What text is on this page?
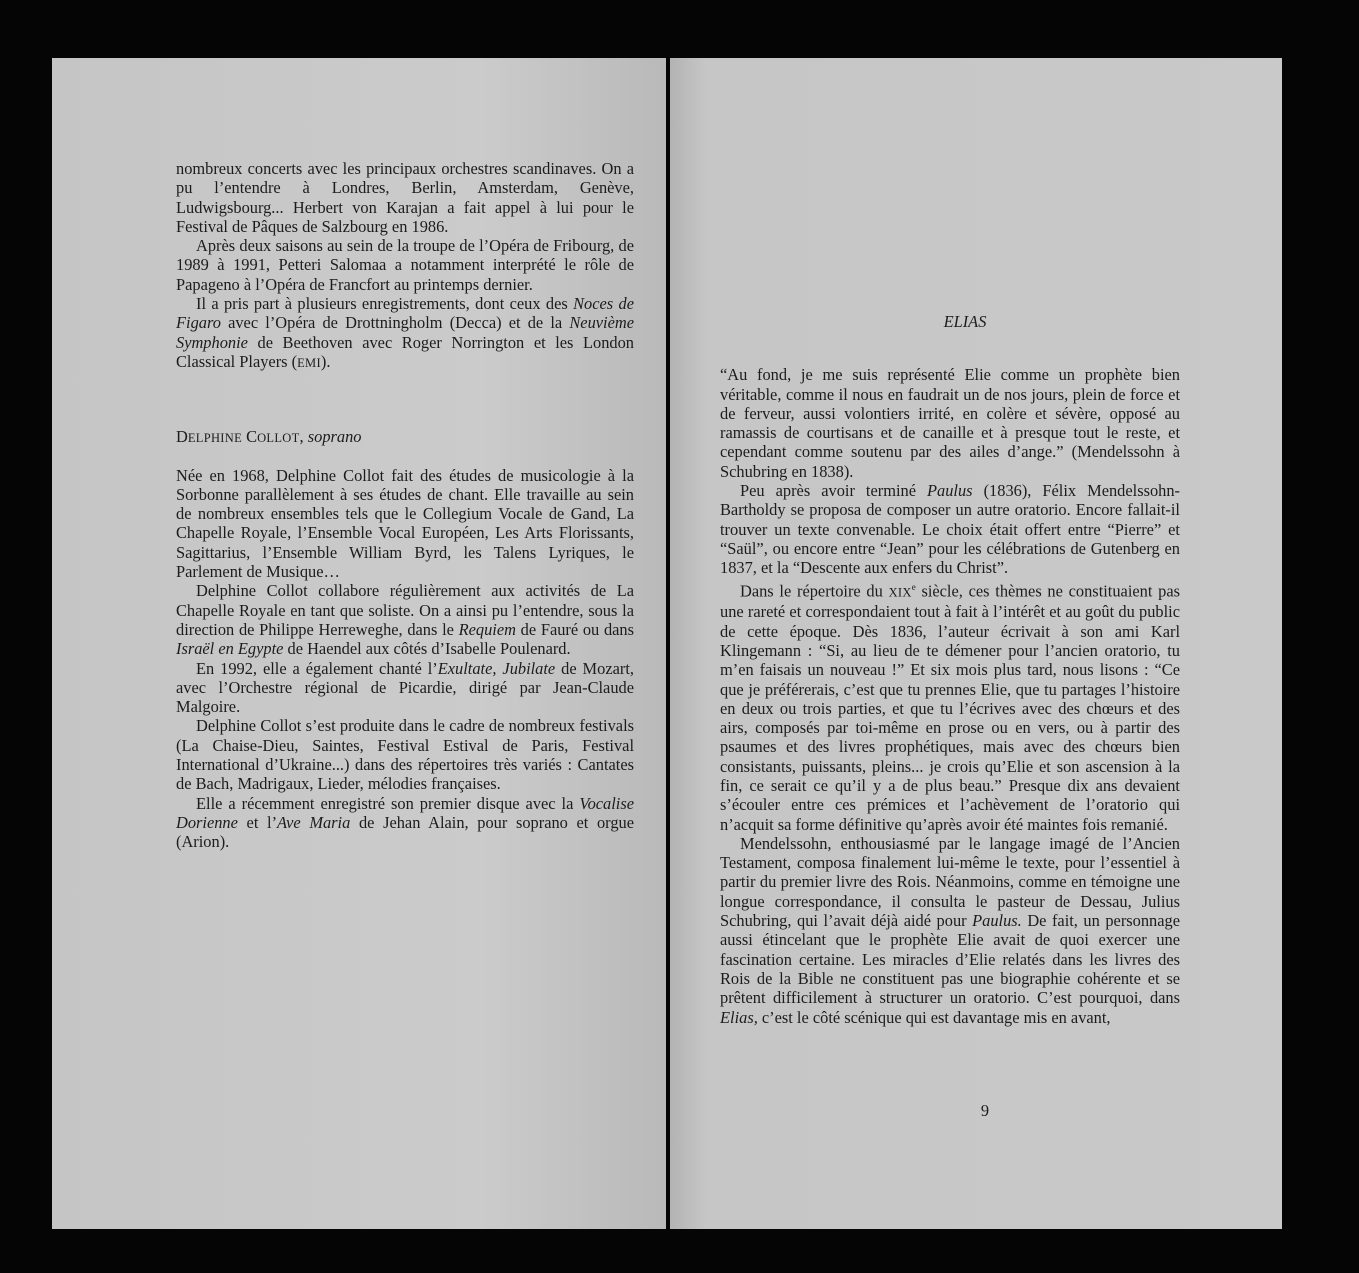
nombreux concerts avec les principaux orchestres scandinaves. On a pu l’entendre à Londres, Berlin, Amsterdam, Genève, Ludwigsbourg... Herbert von Karajan a fait appel à lui pour le Festival de Pâques de Salzbourg en 1986.

Après deux saisons au sein de la troupe de l’Opéra de Fribourg, de 1989 à 1991, Petteri Salomaa a notamment interprété le rôle de Papageno à l’Opéra de Francfort au printemps dernier.

Il a pris part à plusieurs enregistrements, dont ceux des Noces de Figaro avec l’Opéra de Drottningholm (Decca) et de la Neuvième Symphonie de Beethoven avec Roger Norrington et les London Classical Players (EMI).

DELPHINE COLLOT, soprano

Née en 1968, Delphine Collot fait des études de musicologie à la Sorbonne parallèlement à ses études de chant. Elle travaille au sein de nombreux ensembles tels que le Collegium Vocale de Gand, La Chapelle Royale, l’Ensemble Vocal Européen, Les Arts Florissants, Sagittarius, l’Ensemble William Byrd, les Talens Lyriques, le Parlement de Musique…

Delphine Collot collabore régulièrement aux activités de La Chapelle Royale en tant que soliste. On a ainsi pu l’entendre, sous la direction de Philippe Herreweghe, dans le Requiem de Fauré ou dans Israël en Egypte de Haendel aux côtés d’Isabelle Poulenard.

En 1992, elle a également chanté l’Exultate, Jubilate de Mozart, avec l’Orchestre régional de Picardie, dirigé par Jean-Claude Malgoire.

Delphine Collot s’est produite dans le cadre de nombreux festivals (La Chaise-Dieu, Saintes, Festival Estival de Paris, Festival International d’Ukraine...) dans des répertoires très variés : Cantates de Bach, Madrigaux, Lieder, mélodies françaises.

Elle a récemment enregistré son premier disque avec la Vocalise Dorienne et l’Ave Maria de Jehan Alain, pour soprano et orgue (Arion).

ELIAS

“Au fond, je me suis représenté Elie comme un prophète bien véritable, comme il nous en faudrait un de nos jours, plein de force et de ferveur, aussi volontiers irrité, en colère et sévère, opposé au ramassis de courtisans et de canaille et à presque tout le reste, et cependant comme soutenu par des ailes d’ange.” (Mendelssohn à Schubring en 1838).

Peu après avoir terminé Paulus (1836), Félix Mendelssohn-Bartholdy se proposa de composer un autre oratorio. Encore fallait-il trouver un texte convenable. Le choix était offert entre “Pierre” et “Saül”, ou encore entre “Jean” pour les célébrations de Gutenberg en 1837, et la “Descente aux enfers du Christ”.

Dans le répertoire du XIXe siècle, ces thèmes ne constituaient pas une rareté et correspondaient tout à fait à l’intérêt et au goût du public de cette époque. Dès 1836, l’auteur écrivait à son ami Karl Klingemann : “Si, au lieu de te démener pour l’ancien oratorio, tu m’en faisais un nouveau !” Et six mois plus tard, nous lisons : “Ce que je préférerais, c’est que tu prennes Elie, que tu partages l’histoire en deux ou trois parties, et que tu l’écrives avec des chœurs et des airs, composés par toi-même en prose ou en vers, ou à partir des psaumes et des livres prophétiques, mais avec des chœurs bien consistants, puissants, pleins... je crois qu’Elie et son ascension à la fin, ce serait ce qu’il y a de plus beau.” Presque dix ans devaient s’écouler entre ces prémices et l’achèvement de l’oratorio qui n’acquit sa forme définitive qu’après avoir été maintes fois remanié.

Mendelssohn, enthousiasmé par le langage imagé de l’Ancien Testament, composa finalement lui-même le texte, pour l’essentiel à partir du premier livre des Rois. Néanmoins, comme en témoigne une longue correspondance, il consulta le pasteur de Dessau, Julius Schubring, qui l’avait déjà aidé pour Paulus. De fait, un personnage aussi étincelant que le prophète Elie avait de quoi exercer une fascination certaine. Les miracles d’Elie relatés dans les livres des Rois de la Bible ne constituent pas une biographie cohérente et se prêtent difficilement à structurer un oratorio. C’est pourquoi, dans Elias, c’est le côté scénique qui est davantage mis en avant,

9
